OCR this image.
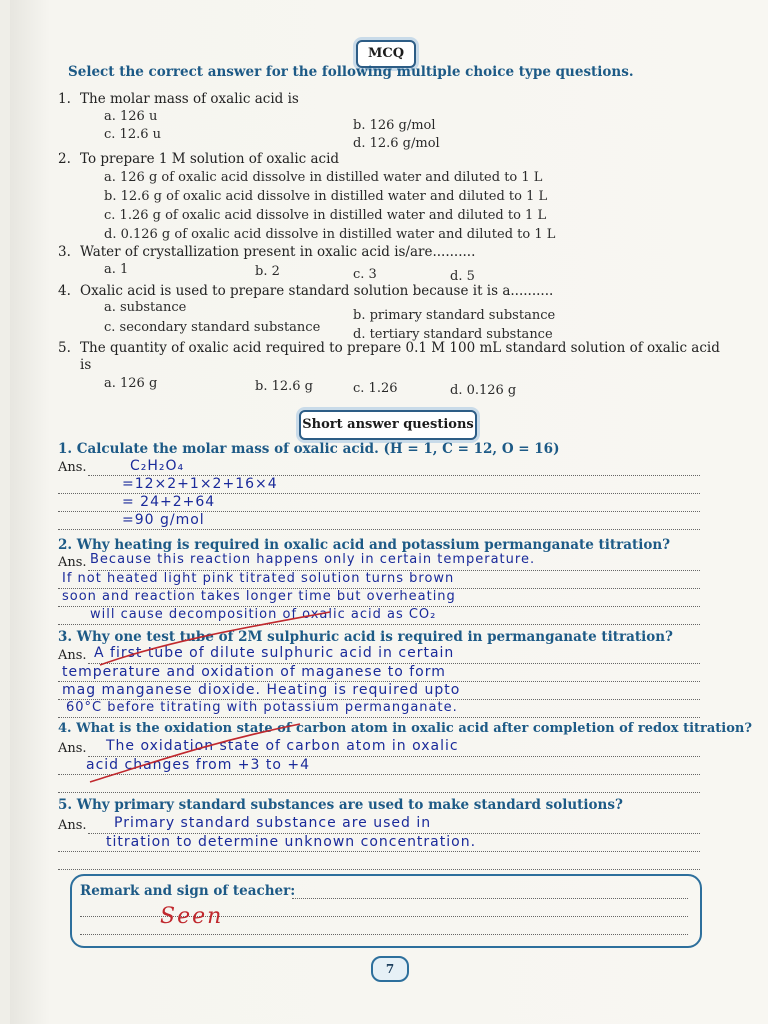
MCQ
Select the correct answer for the following multiple choice type questions.
1. The molar mass of oxalic acid is
a. 126 u
b. 126 g/mol
c. 12.6 u
d. 12.6 g/mol
2. To prepare 1 M solution of oxalic acid
a. 126 g of oxalic acid dissolve in distilled water and diluted to 1 L
b. 12.6 g of oxalic acid dissolve in distilled water and diluted to 1 L
c. 1.26 g of oxalic acid dissolve in distilled water and diluted to 1 L
d. 0.126 g of oxalic acid dissolve in distilled water and diluted to 1 L
3. Water of crystallization present in oxalic acid is/are..........
a. 1	b. 2	c. 3	d. 5
4. Oxalic acid is used to prepare standard solution because it is a..........
a. substance
b. primary standard substance
c. secondary standard substance	d. tertiary standard substance
5. The quantity of oxalic acid required to prepare 0.1 M 100 mL standard solution of oxalic acid
is
a. 126 g	b. 12.6 g	c. 1.26	d. 0.126 g
Short answer questions
1. Calculate the molar mass of oxalic acid. (H = 1, C = 12, O = 16)
Ans.	C₂H₂O₄
=12×2+1×2+16×4
= 24+2+64
=90 g/mol
2. Why heating is required in oxalic acid and potassium permanganate titration?
Ans. Because this reaction happens only in certain temperature.
If not heated light pink titrated solution turns brown
soon and reaction takes longer time but overheating
will cause decomposition of oxalic acid as CO₂
3. Why one test tube of 2M sulphuric acid is required in permanganate titration?
Ans. A first tube of dilute sulphuric acid in certain
temperature and oxidation of maganese to form
mag manganese dioxide. Heating is required upto
60°C before titrating with potassium permanganate.
4. What is the oxidation state of carbon atom in oxalic acid after completion of redox titration?
Ans. The oxidation state of carbon atom in oxalic
acid changes from +3 to +4
5. Why primary standard substances are used to make standard solutions?
Ans. Primary standard substance are used in
titration to determine unknown concentration.
Remark and sign of teacher:
Seen
7
